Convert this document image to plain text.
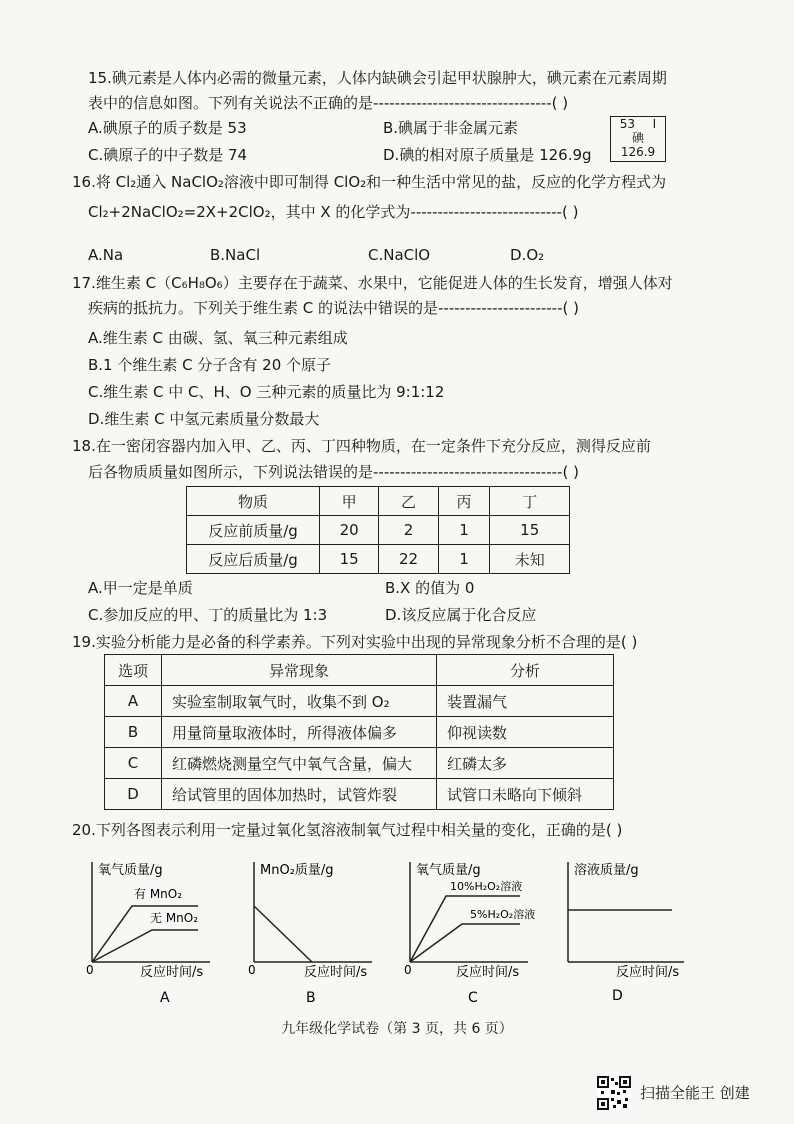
15.碘元素是人体内必需的微量元素，人体内缺碘会引起甲状腺肿大，碘元素在元素周期
表中的信息如图。下列有关说法不正确的是---------------------------------( )
A.碘原子的质子数是 53	B.碘属于非金属元素
C.碘原子的中子数是 74	D.碘的相对原子质量是 126.9g
53 I
碘
126.9
16.将 Cl₂通入 NaClO₂溶液中即可制得 ClO₂和一种生活中常见的盐，反应的化学方程式为
Cl₂+2NaClO₂=2X+2ClO₂，其中 X 的化学式为----------------------------( )
A.Na	B.NaCl	C.NaClO	D.O₂
17.维生素 C（C₆H₈O₆）主要存在于蔬菜、水果中，它能促进人体的生长发育，增强人体对
疾病的抵抗力。下列关于维生素 C 的说法中错误的是-----------------------( )
A.维生素 C 由碳、氢、氧三种元素组成
B.1 个维生素 C 分子含有 20 个原子
C.维生素 C 中 C、H、O 三种元素的质量比为 9:1:12
D.维生素 C 中氢元素质量分数最大
18.在一密闭容器内加入甲、乙、丙、丁四种物质，在一定条件下充分反应，测得反应前
后各物质质量如图所示，下列说法错误的是-----------------------------------( )
物质	甲	乙	丙	丁
反应前质量/g	20	2	1	15
反应后质量/g	15	22	1	未知
A.甲一定是单质	B.X 的值为 0
C.参加反应的甲、丁的质量比为 1:3	D.该反应属于化合反应
19.实验分析能力是必备的科学素养。下列对实验中出现的异常现象分析不合理的是( )
选项	异常现象	分析
A	实验室制取氧气时，收集不到 O₂	装置漏气
B	用量筒量取液体时，所得液体偏多	仰视读数
C	红磷燃烧测量空气中氧气含量，偏大	红磷太多
D	给试管里的固体加热时，试管炸裂	试管口未略向下倾斜
20.下列各图表示利用一定量过氧化氢溶液制氧气过程中相关量的变化，正确的是( )
氧气质量/g
有 MnO₂
无 MnO₂
0	反应时间/s
A
MnO₂质量/g
0	反应时间/s
B
氧气质量/g
10%H₂O₂溶液
5%H₂O₂溶液
0	反应时间/s
C
溶液质量/g
反应时间/s
D
九年级化学试卷（第 3 页，共 6 页）
扫描全能王 创建
